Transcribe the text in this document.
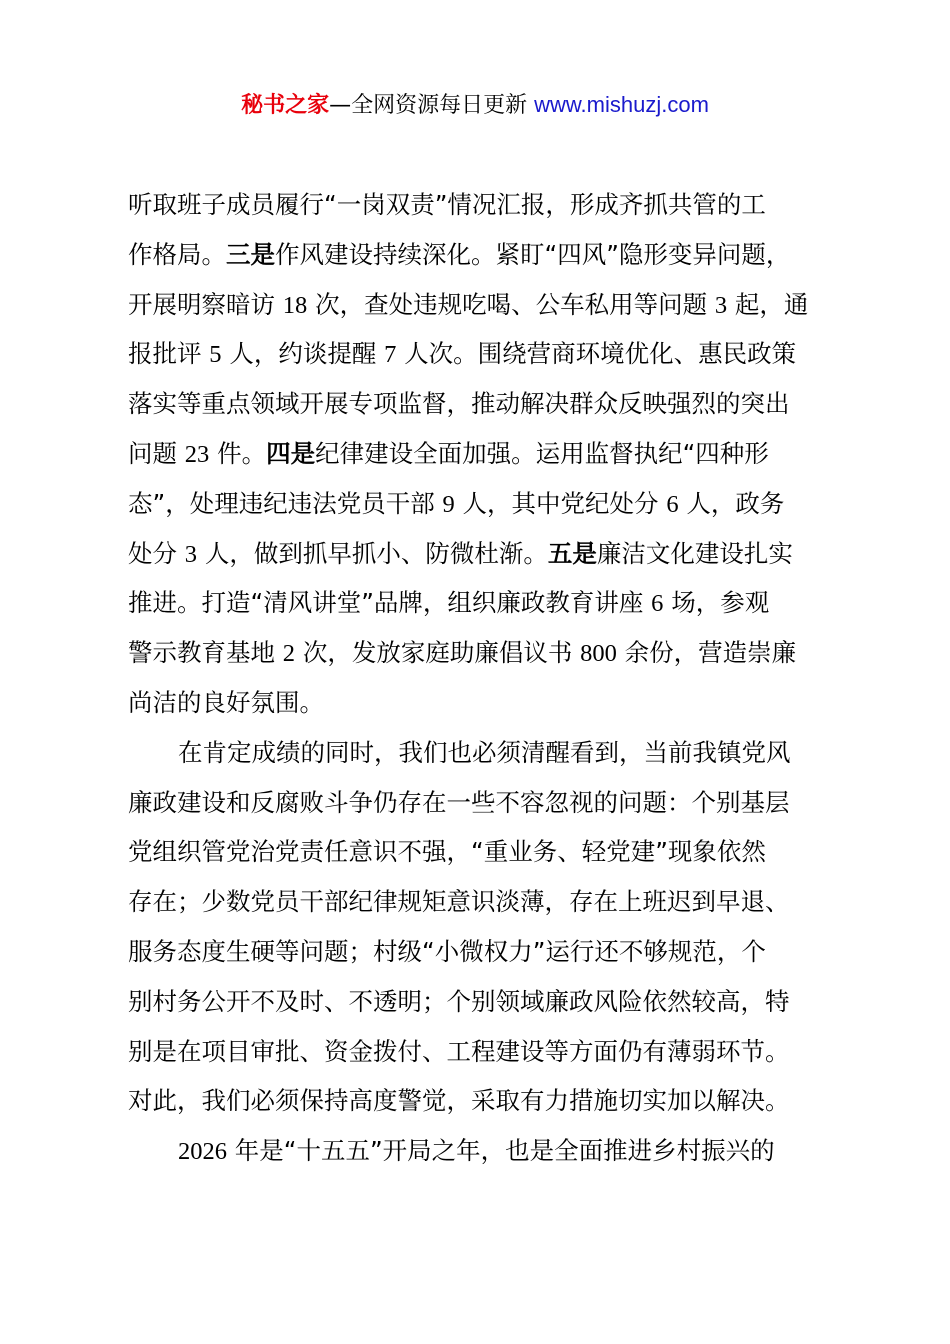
秘书之家—全网资源每日更新 www.mishuzj.com
听取班子成员履行“一岗双责”情况汇报，形成齐抓共管的工
作格局。三是作风建设持续深化。紧盯“四风”隐形变异问题，
开展明察暗访 18 次，查处违规吃喝、公车私用等问题 3 起，通
报批评 5 人，约谈提醒 7 人次。围绕营商环境优化、惠民政策
落实等重点领域开展专项监督，推动解决群众反映强烈的突出
问题 23 件。四是纪律建设全面加强。运用监督执纪“四种形
态”，处理违纪违法党员干部 9 人，其中党纪处分 6 人，政务
处分 3 人，做到抓早抓小、防微杜渐。五是廉洁文化建设扎实
推进。打造“清风讲堂”品牌，组织廉政教育讲座 6 场，参观
警示教育基地 2 次，发放家庭助廉倡议书 800 余份，营造崇廉
尚洁的良好氛围。
在肯定成绩的同时，我们也必须清醒看到，当前我镇党风
廉政建设和反腐败斗争仍存在一些不容忽视的问题：个别基层
党组织管党治党责任意识不强，“重业务、轻党建”现象依然
存在；少数党员干部纪律规矩意识淡薄，存在上班迟到早退、
服务态度生硬等问题；村级“小微权力”运行还不够规范，个
别村务公开不及时、不透明；个别领域廉政风险依然较高，特
别是在项目审批、资金拨付、工程建设等方面仍有薄弱环节。
对此，我们必须保持高度警觉，采取有力措施切实加以解决。
2026 年是“十五五”开局之年，也是全面推进乡村振兴的
